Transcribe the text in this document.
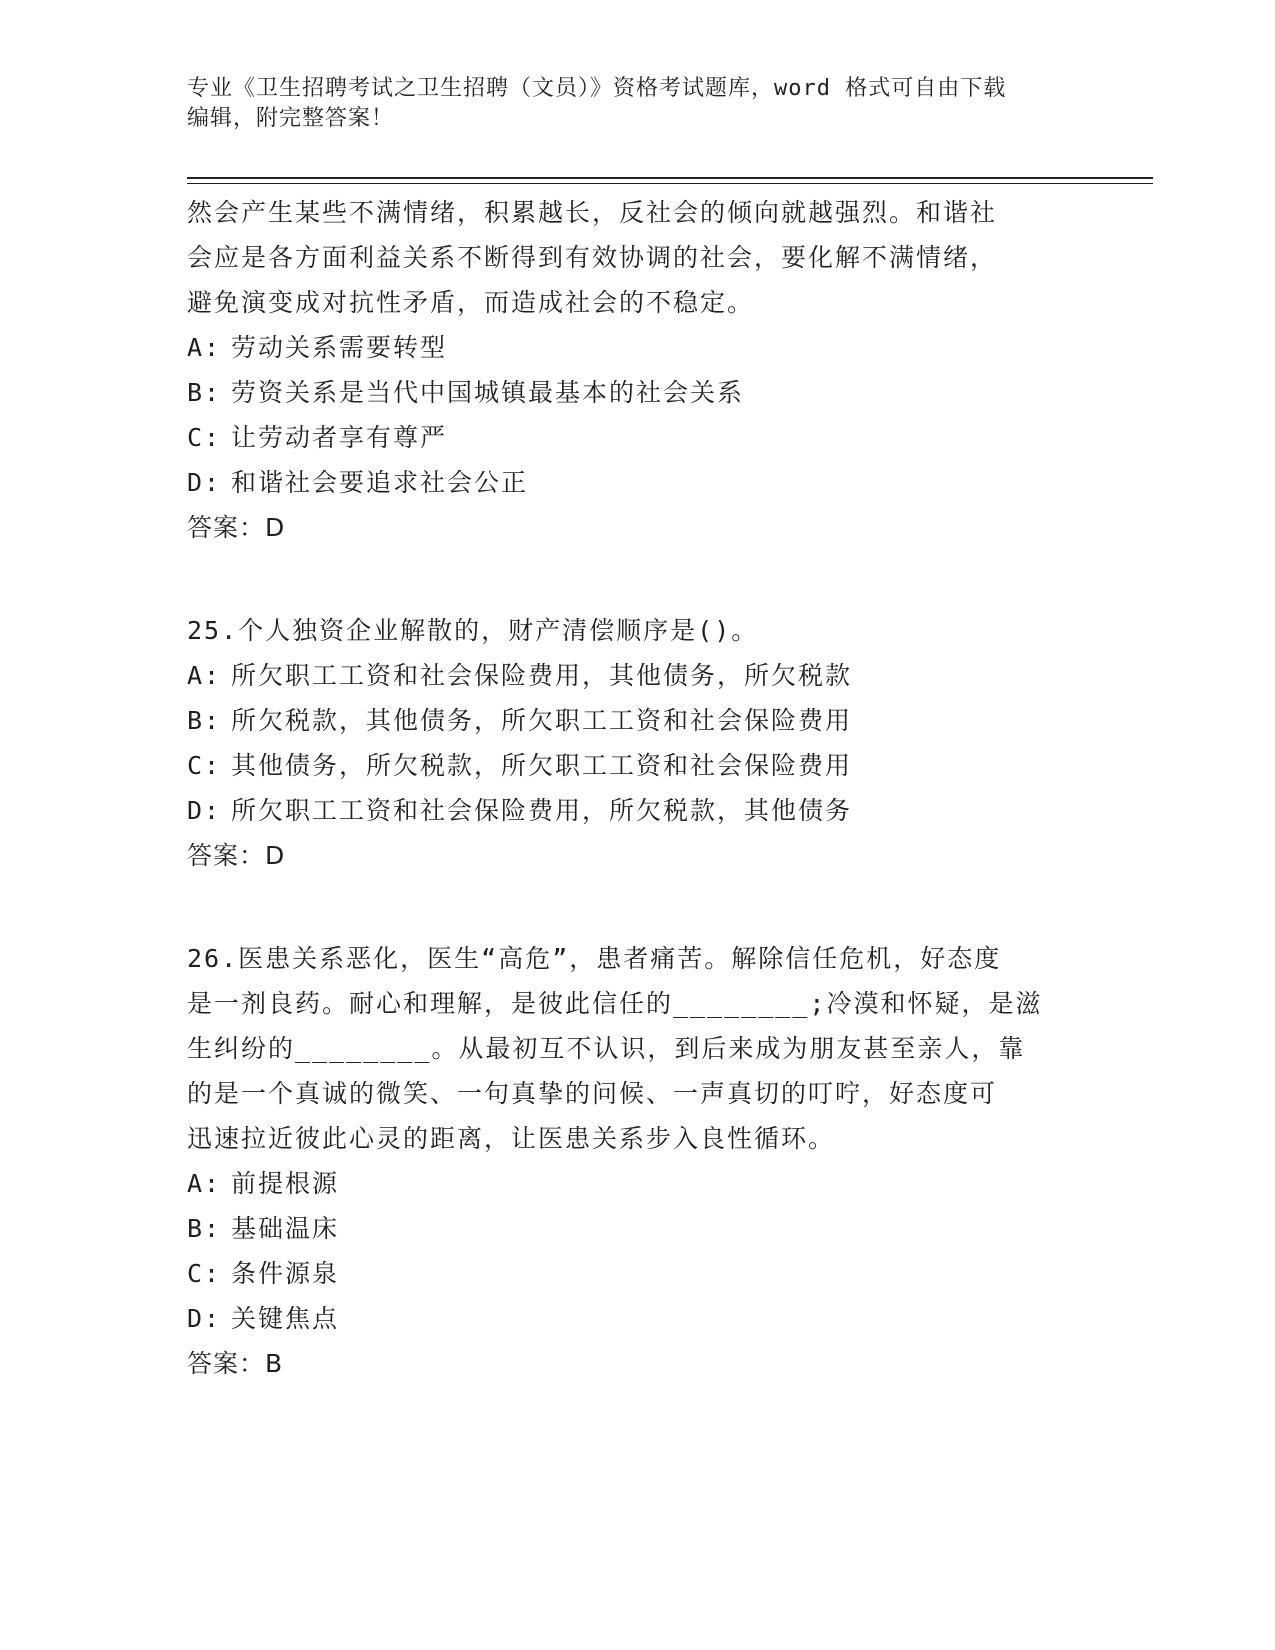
专业《卫生招聘考试之卫生招聘（文员）》资格考试题库，word 格式可自由下载
编辑，附完整答案！

然会产生某些不满情绪，积累越长，反社会的倾向就越强烈。和谐社

会应是各方面利益关系不断得到有效协调的社会，要化解不满情绪，

避免演变成对抗性矛盾，而造成社会的不稳定。

A: 劳动关系需要转型

B: 劳资关系是当代中国城镇最基本的社会关系

C: 让劳动者享有尊严

D: 和谐社会要追求社会公正

答案：D

25.个人独资企业解散的，财产清偿顺序是()。

A: 所欠职工工资和社会保险费用，其他债务，所欠税款

B: 所欠税款，其他债务，所欠职工工资和社会保险费用

C: 其他债务，所欠税款，所欠职工工资和社会保险费用

D: 所欠职工工资和社会保险费用，所欠税款，其他债务

答案：D

26.医患关系恶化，医生“高危”，患者痛苦。解除信任危机，好态度

是一剂良药。耐心和理解，是彼此信任的________;冷漠和怀疑，是滋

生纠纷的________。从最初互不认识，到后来成为朋友甚至亲人，靠

的是一个真诚的微笑、一句真挚的问候、一声真切的叮咛，好态度可

迅速拉近彼此心灵的距离，让医患关系步入良性循环。

A: 前提根源

B: 基础温床

C: 条件源泉

D: 关键焦点

答案：B
